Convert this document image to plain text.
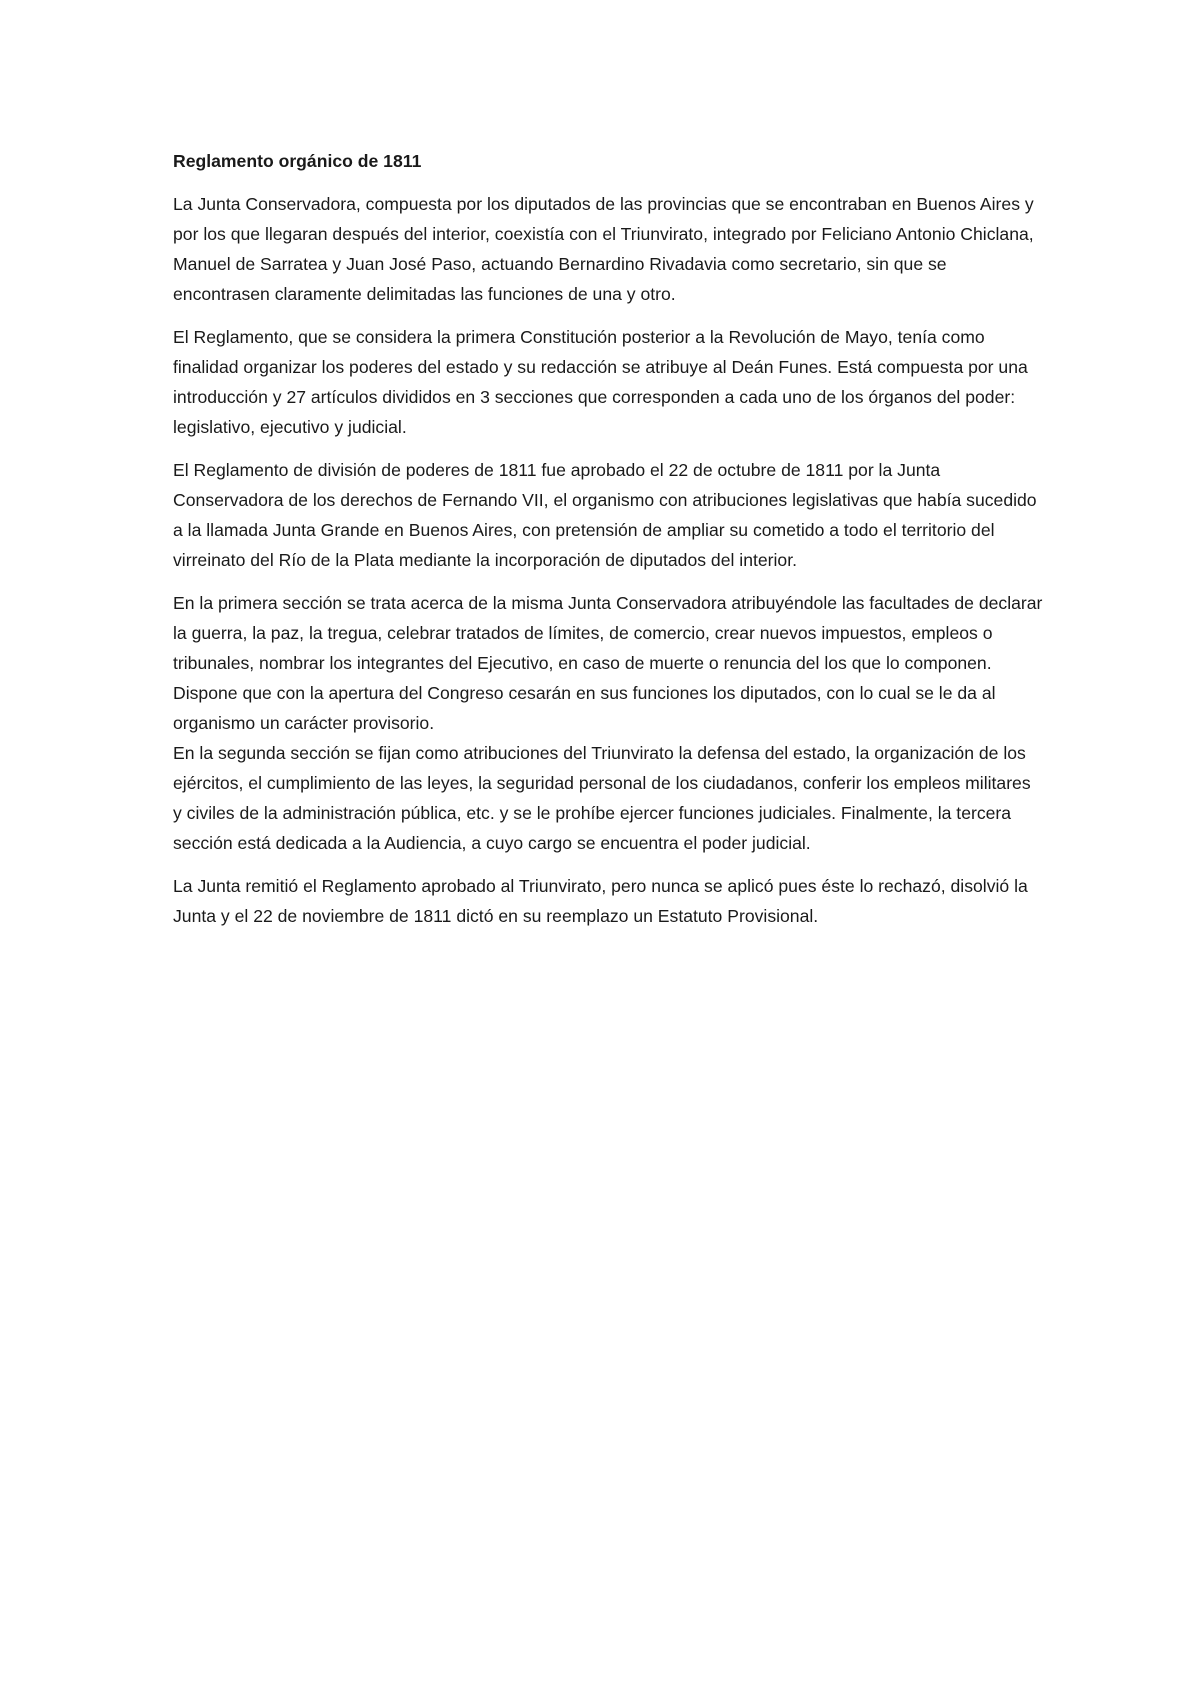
Reglamento orgánico de 1811

La Junta Conservadora, compuesta por los diputados de las provincias que se encontraban en Buenos Aires y por los que llegaran después del interior, coexistía con el Triunvirato, integrado por Feliciano Antonio Chiclana, Manuel de Sarratea y Juan José Paso, actuando Bernardino Rivadavia como secretario, sin que se encontrasen claramente delimitadas las funciones de una y otro.

El Reglamento, que se considera la primera Constitución posterior a la Revolución de Mayo, tenía como finalidad organizar los poderes del estado y su redacción se atribuye al Deán Funes. Está compuesta por una introducción y 27 artículos divididos en 3 secciones que corresponden a cada uno de los órganos del poder: legislativo, ejecutivo y judicial.

El Reglamento de división de poderes de 1811 fue aprobado el 22 de octubre de 1811 por la Junta Conservadora de los derechos de Fernando VII, el organismo con atribuciones legislativas que había sucedido a la llamada Junta Grande en Buenos Aires, con pretensión de ampliar su cometido a todo el territorio del virreinato del Río de la Plata mediante la incorporación de diputados del interior.

En la primera sección se trata acerca de la misma Junta Conservadora atribuyéndole las facultades de declarar la guerra, la paz, la tregua, celebrar tratados de límites, de comercio, crear nuevos impuestos, empleos o tribunales, nombrar los integrantes del Ejecutivo, en caso de muerte o renuncia del los que lo componen. Dispone que con la apertura del Congreso cesarán en sus funciones los diputados, con lo cual se le da al organismo un carácter provisorio.

En la segunda sección se fijan como atribuciones del Triunvirato la defensa del estado, la organización de los ejércitos, el cumplimiento de las leyes, la seguridad personal de los ciudadanos, conferir los empleos militares y civiles de la administración pública, etc. y se le prohíbe ejercer funciones judiciales. Finalmente, la tercera sección está dedicada a la Audiencia, a cuyo cargo se encuentra el poder judicial.

La Junta remitió el Reglamento aprobado al Triunvirato, pero nunca se aplicó pues éste lo rechazó, disolvió la Junta y el 22 de noviembre de 1811 dictó en su reemplazo un Estatuto Provisional.
